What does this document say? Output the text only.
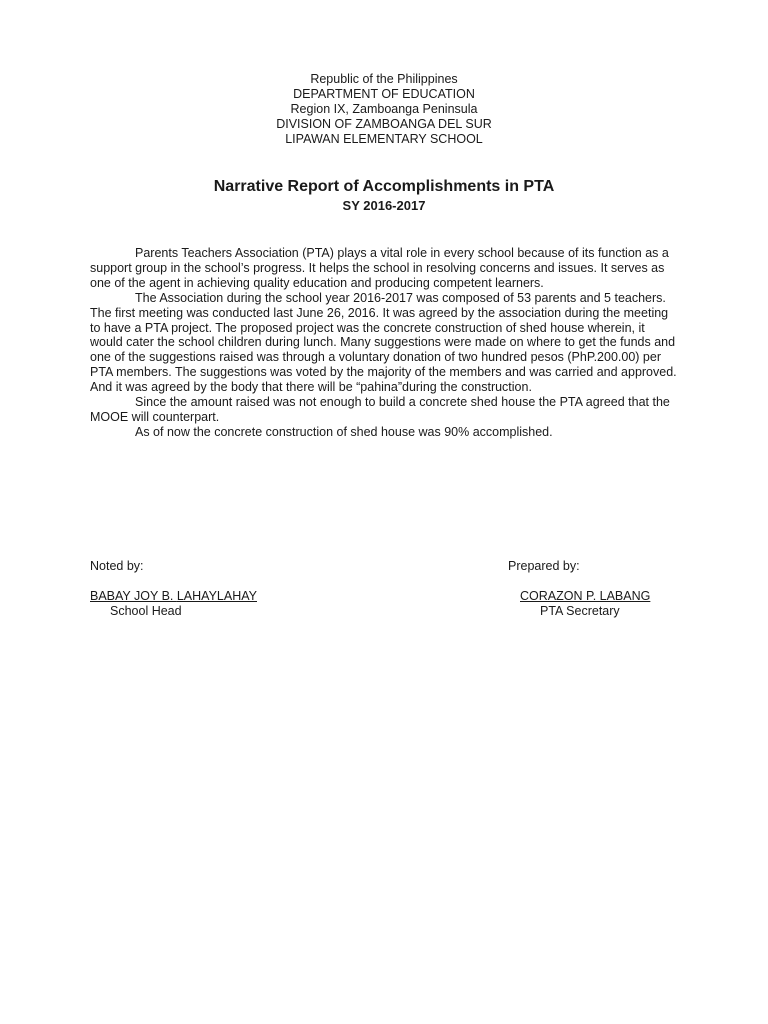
Republic of the Philippines
DEPARTMENT OF EDUCATION
Region IX, Zamboanga Peninsula
DIVISION OF ZAMBOANGA DEL SUR
LIPAWAN ELEMENTARY SCHOOL
Narrative Report of Accomplishments in PTA
SY 2016-2017

Parents Teachers Association (PTA) plays a vital role in every school because of its function as a support group in the school’s progress. It helps the school in resolving concerns and issues. It serves as one of the agent in achieving quality education and producing competent learners.

The Association during the school year 2016-2017 was composed of 53 parents and 5 teachers. The first meeting was conducted last June 26, 2016. It was agreed by the association during the meeting to have a PTA project. The proposed project was the concrete construction of shed house wherein, it would cater the school children during lunch. Many suggestions were made on where to get the funds and one of the suggestions raised was through a voluntary donation of two hundred pesos (PhP.200.00) per PTA members. The suggestions was voted by the majority of the members and was carried and approved. And it was agreed by the body that there will be “pahina”during the construction.

Since the amount raised was not enough to build a concrete shed house the PTA agreed that the MOOE will counterpart.

As of now the concrete construction of shed house was 90% accomplished.

Noted by:	Prepared by:
BABAY JOY B. LAHAYLAHAY
School Head
CORAZON P. LABANG
PTA Secretary
